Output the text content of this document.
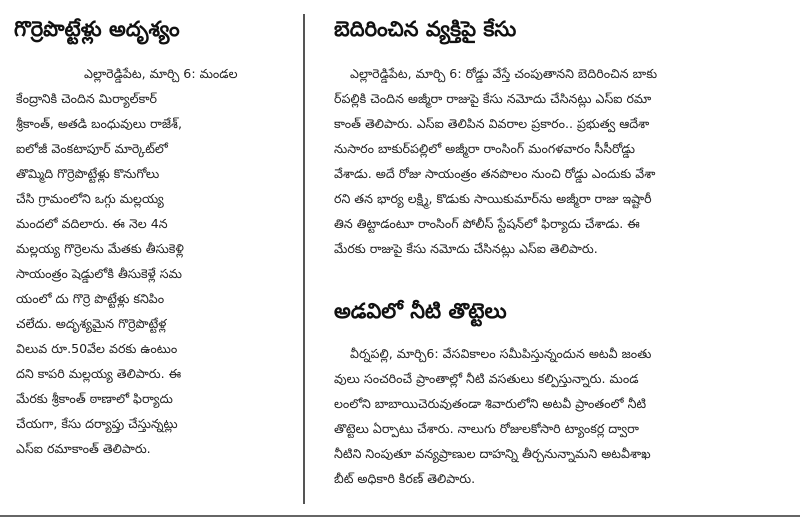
గొర్రెపొట్టేళ్లు అదృశ్యం
ఎల్లారెడ్డిపేట, మార్చి 6: మండల
కేంద్రానికి చెందిన మిర్యాల్‌కార్
శ్రీకాంత్, అతడి బంధువులు రాజేశ్,
ఐలోజీ వెంకటాపూర్ మార్కెట్‌లో
తొమ్మిది గొర్రెపొట్టేళ్లు కొనుగోలు
చేసి గ్రామంలోని ఒగ్గు మల్లయ్య
మందలో వదిలారు. ఈ నెల 4న
మల్లయ్య గొర్రెలను మేతకు తీసుకెళ్లి
సాయంత్రం షెడ్డులోకి తీసుకెళ్లే సమ
యంలో దు గొర్రె పొట్టేళ్లు కనిపిం
చలేదు. అదృశ్యమైన గొర్రెపొట్టేళ్ల
విలువ రూ.50వేల వరకు ఉంటుం
దని కాపరి మల్లయ్య తెలిపారు. ఈ
మేరకు శ్రీకాంత్ ఠాణాలో ఫిర్యాదు
చేయగా, కేసు దర్యాప్తు చేస్తున్నట్లు
ఎస్‌ఐ రమాకాంత్ తెలిపారు.
బెదిరించిన వ్యక్తిపై కేసు
ఎల్లారెడ్డిపేట, మార్చి 6: రోడ్డు వేస్తే చంపుతానని బెదిరించిన బాకు
ర్‌పల్లికి చెందిన అజ్మీరా రాజుపై కేసు నమోదు చేసినట్లు ఎస్‌ఐ రమా
కాంత్ తెలిపారు. ఎస్‌ఐ తెలిపిన వివరాల ప్రకారం.. ప్రభుత్వ ఆదేశా
నుసారం బాకుర్‌పల్లిలో అజ్మీరా రాంసింగ్ మంగళవారం సీసీరోడ్డు
వేశాడు. అదే రోజు సాయంత్రం తనపొలం నుంచి రోడ్డు ఎందుకు వేశా
రని తన భార్య లక్ష్మి, కొడుకు సాయికుమార్‌ను అజ్మీరా రాజు ఇష్టారీ
తిన తిట్టాడంటూ రాంసింగ్ పోలీస్ స్టేషన్‌లో ఫిర్యాదు చేశాడు. ఈ
మేరకు రాజుపై కేసు నమోదు చేసినట్లు ఎస్‌ఐ తెలిపారు.
అడవిలో నీటి తొట్టెలు
వీర్నపల్లి, మార్చి6: వేసవికాలం సమీపిస్తున్నందున అటవీ జంతు
వులు సంచరించే ప్రాంతాల్లో నీటి వసతులు కల్పిస్తున్నారు. మండ
లంలోని బాబాయిచెరువుతండా శివారులోని అటవీ ప్రాంతంలో నీటి
తొట్టెలు ఏర్పాటు చేశారు. నాలుగు రోజులకోసారి ట్యాంకర్ల ద్వారా
నీటిని నింపుతూ వన్యప్రాణుల దాహన్ని తీర్చనున్నామని అటవీశాఖ
బీట్ అధికారి కిరణ్ తెలిపారు.
